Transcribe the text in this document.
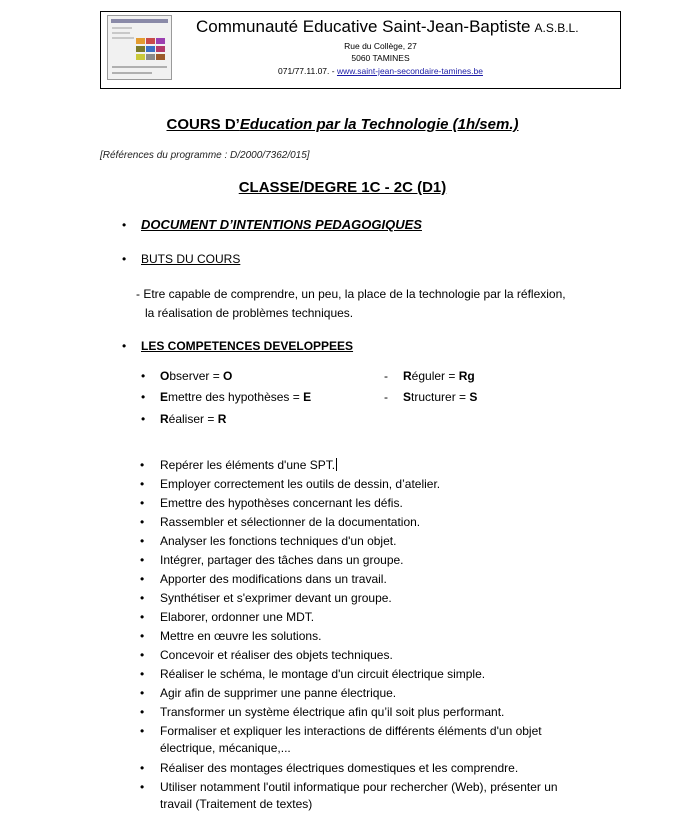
Communauté Educative Saint-Jean-Baptiste A.S.B.L.
Rue du Collège, 27
5060 TAMINES
071/77.11.07. - www.saint-jean-secondaire-tamines.be
COURS D’Education par la Technologie (1h/sem.)
[Références du programme : D/2000/7362/015]
CLASSE/DEGRE 1C - 2C (D1)
• DOCUMENT D’INTENTIONS PEDAGOGIQUES
• BUTS DU COURS
- Etre capable de comprendre, un peu, la place de la technologie par la réflexion,
la réalisation de problèmes techniques.
• LES COMPETENCES DEVELOPPEES
• Observer = O
• Emettre des hypothèses = E
• Réaliser = R
- Réguler = Rg
- Structurer = S
• Repérer les éléments d'une SPT.
• Employer correctement les outils de dessin, d’atelier.
• Emettre des hypothèses concernant les défis.
• Rassembler et sélectionner de la documentation.
• Analyser les fonctions techniques d'un objet.
• Intégrer, partager des tâches dans un groupe.
• Apporter des modifications dans un travail.
• Synthétiser et s'exprimer devant un groupe.
• Elaborer, ordonner une MDT.
• Mettre en œuvre les solutions.
• Concevoir et réaliser des objets techniques.
• Réaliser le schéma, le montage d'un circuit électrique simple.
• Agir afin de supprimer une panne électrique.
• Transformer un système électrique afin qu’il soit plus performant.
• Formaliser et expliquer les interactions de différents éléments d'un objet
électrique, mécanique,...
• Réaliser des montages électriques domestiques et les comprendre.
• Utiliser notamment l'outil informatique pour rechercher (Web), présenter un
travail (Traitement de textes)
